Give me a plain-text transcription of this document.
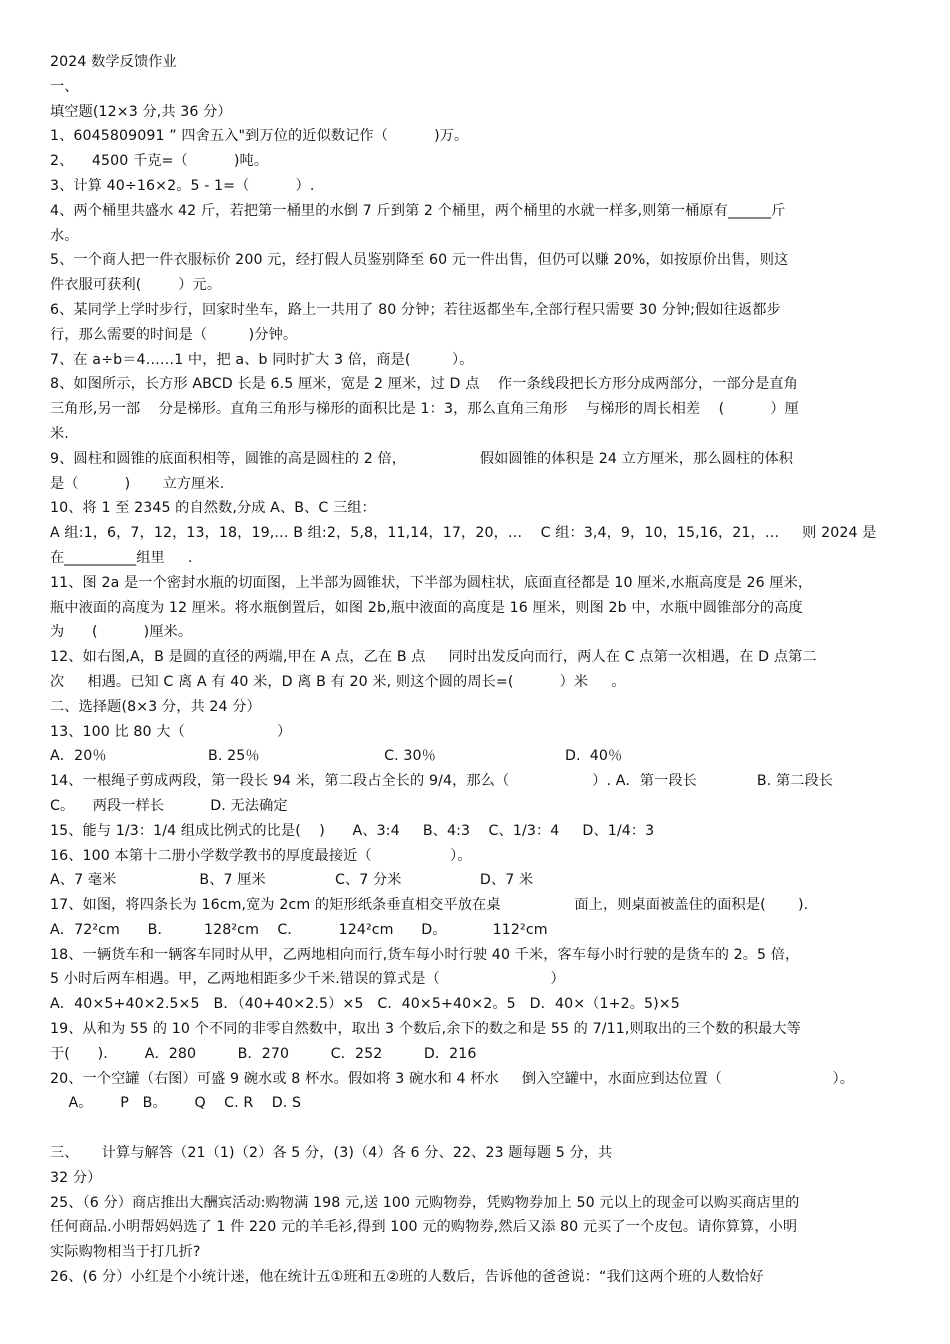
2024 数学反馈作业
一、
填空题(12×3 分,共 36 分）
1、6045809091 ” 四舍五入"到万位的近似数记作（          )万。
2、    4500 千克=（          )吨。
3、计算 40÷16×2。5 - 1=（          ）.
4、两个桶里共盛水 42 斤，若把第一桶里的水倒 7 斤到第 2 个桶里，两个桶里的水就一样多,则第一桶原有______斤
水。
5、一个商人把一件衣服标价 200 元，经打假人员鉴别降至 60 元一件出售，但仍可以赚 20%，如按原价出售，则这
件衣服可获利(        ）元。
6、某同学上学时步行，回家时坐车，路上一共用了 80 分钟；若往返都坐车,全部行程只需要 30 分钟;假如往返都步
行，那么需要的时间是（         )分钟。
7、在 a÷b＝4……1 中，把 a、b 同时扩大 3 倍，商是(         ）。
8、如图所示，长方形 ABCD 长是 6.5 厘米，宽是 2 厘米，过 D 点    作一条线段把长方形分成两部分，一部分是直角
三角形,另一部    分是梯形。直角三角形与梯形的面积比是 1：3，那么直角三角形    与梯形的周长相差    (          ）厘
米.
9、圆柱和圆锥的底面积相等，圆锥的高是圆柱的 2 倍，                假如圆锥的体积是 24 立方厘米，那么圆柱的体积
是（          )       立方厘米.
10、将 1 至 2345 的自然数,分成 A、B、C 三组：
A 组:1，6，7，12，13，18，19,… B 组:2，5,8，11,14，17，20，…    C 组：3,4，9，10，15,16，21，…     则 2024 是
在__________组里     .
11、图 2a 是一个密封水瓶的切面图，上半部为圆锥状，下半部为圆柱状，底面直径都是 10 厘米,水瓶高度是 26 厘米，
瓶中液面的高度为 12 厘米。将水瓶倒置后，如图 2b,瓶中液面的高度是 16 厘米，则图 2b 中，水瓶中圆锥部分的高度
为      (          )厘米。
12、如右图,A，B 是圆的直径的两端,甲在 A 点，乙在 B 点     同时出发反向而行，两人在 C 点第一次相遇，在 D 点第二
次     相遇。已知 C 离 A 有 40 米，D 离 B 有 20 米, 则这个圆的周长=(          ）米     。
二、选择题(8×3 分，共 24 分）
13、100 比 80 大（                    ）
A．20％                      B. 25％                           C. 30％                            D.  40％
14、一根绳子剪成两段，第一段长 94 米，第二段占全长的 9/4，那么（                  ）. A．第一段长             B. 第二段长
C。    两段一样长          D. 无法确定
15、能与 1/3：1/4 组成比例式的比是(    )      A、3:4     B、4:3    C、1/3：4     D、1/4：3
16、100 本第十二册小学数学教书的厚度最接近（                 ）。
A、7 毫米                  B、7 厘米               C、7 分米                 D、7 米
17、如图，将四条长为 16cm,宽为 2cm 的矩形纸条垂直相交平放在桌                面上，则桌面被盖住的面积是(       ).
A．72²cm      B．       128²cm    C．        124²cm      D。          112²cm
18、一辆货车和一辆客车同时从甲，乙两地相向而行,货车每小时行驶 40 千米，客车每小时行驶的是货车的 2。5 倍，
5 小时后两车相遇。甲，乙两地相距多少千米.错误的算式是（                        ）
A．40×5+40×2.5×5   B．（40+40×2.5）×5   C．40×5+40×2。5   D．40×（1+2。5)×5
19、从和为 55 的 10 个不同的非零自然数中，取出 3 个数后,余下的数之和是 55 的 7/11,则取出的三个数的积最大等
于(      ).        A．280         B．270         C．252         D．216
20、一个空罐（右图）可盛 9 碗水或 8 杯水。假如将 3 碗水和 4 杯水     倒入空罐中，水面应到达位置（                        ）。
A。      P   B。      Q    C. R    D. S
三、     计算与解答（21（1)（2）各 5 分，(3)（4）各 6 分、22、23 题每题 5 分，共
32 分）
25、（6 分）商店推出大酬宾活动:购物满 198 元,送 100 元购物券，凭购物券加上 50 元以上的现金可以购买商店里的
任何商品.小明帮妈妈选了 1 件 220 元的羊毛衫,得到 100 元的购物券,然后又添 80 元买了一个皮包。请你算算，小明
实际购物相当于打几折?
26、(6 分）小红是个小统计迷，他在统计五①班和五②班的人数后，告诉他的爸爸说：“我们这两个班的人数恰好
